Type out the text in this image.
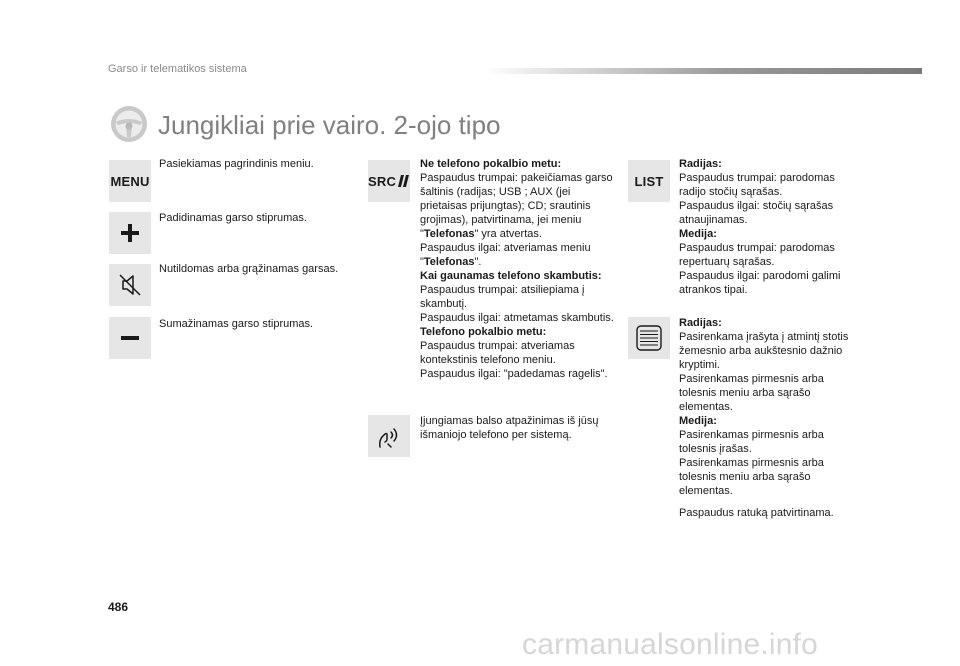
Garso ir telematikos sistema
Jungikliai prie vairo. 2-ojo tipo
MENU
Pasiekiamas pagrindinis meniu.
Padidinamas garso stiprumas.
Nutildomas arba grąžinamas garsas.
Sumažinamas garso stiprumas.
SRC

Ne telefono pokalbio metu:

Paspaudus trumpai: pakeičiamas garso šaltinis (radijas; USB ; AUX (jei prietaisas prijungtas); CD; srautinis grojimas), patvirtinama, jei meniu "Telefonas" yra atvertas.

Paspaudus ilgai: atveriamas meniu "Telefonas".

Kai gaunamas telefono skambutis:

Paspaudus trumpai: atsiliepiama į skambutį.

Paspaudus ilgai: atmetamas skambutis.

Telefono pokalbio metu:

Paspaudus trumpai: atveriamas kontekstinis telefono meniu.

Paspaudus ilgai: "padedamas ragelis".

Įjungiamas balso atpažinimas iš jūsų išmaniojo telefono per sistemą.
LIST

Radijas:

Paspaudus trumpai: parodomas radijo stočių sąrašas.

Paspaudus ilgai: stočių sąrašas atnaujinamas.

Medija:

Paspaudus trumpai: parodomas repertuarų sąrašas.

Paspaudus ilgai: parodomi galimi atrankos tipai.

Radijas:

Pasirenkama įrašyta į atmintį stotis žemesnio arba aukštesnio dažnio kryptimi.

Pasirenkamas pirmesnis arba tolesnis meniu arba sąrašo elementas.

Medija:

Pasirenkamas pirmesnis arba tolesnis įrašas.

Pasirenkamas pirmesnis arba tolesnis meniu arba sąrašo elementas.

Paspaudus ratuką patvirtinama.

486
carmanualsonline.info
